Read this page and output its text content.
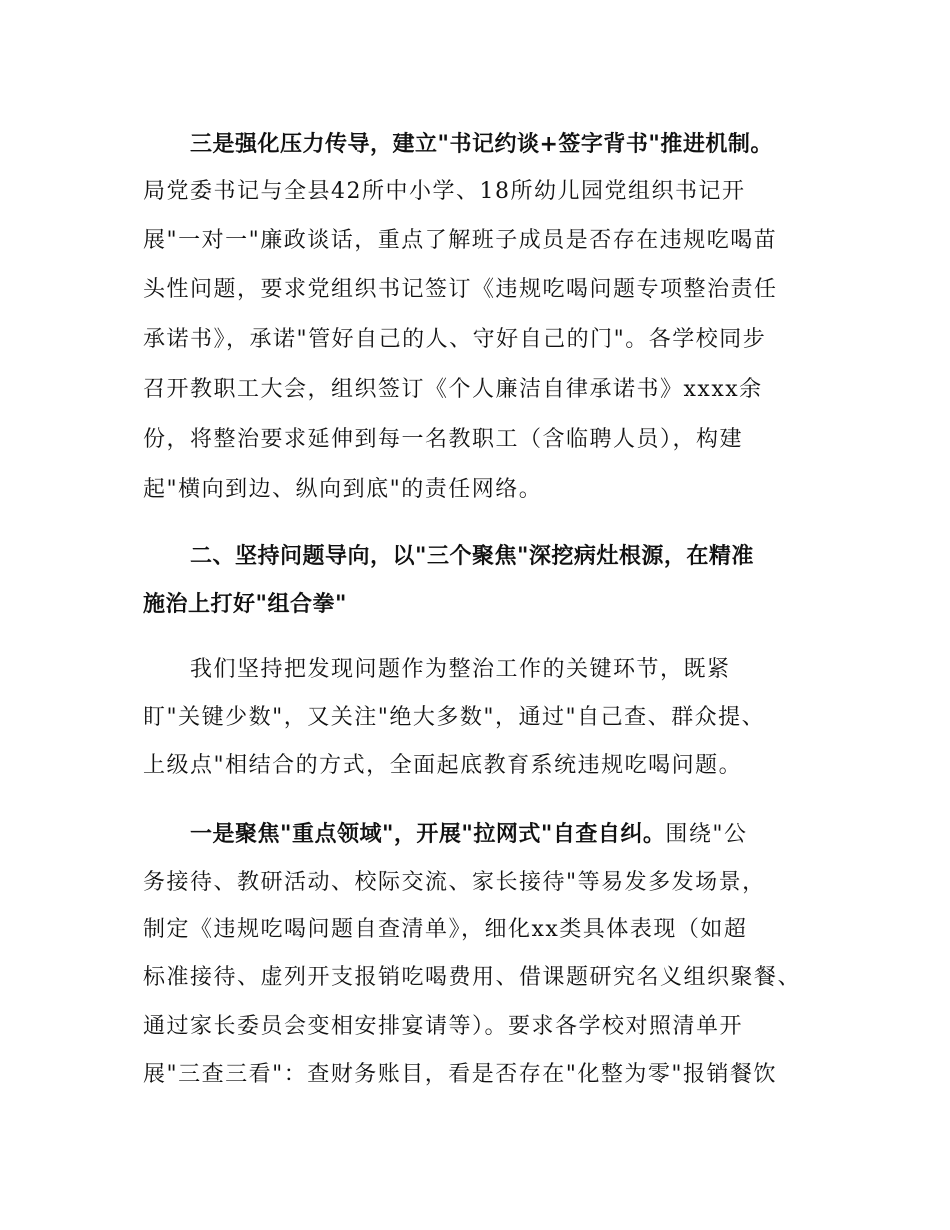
三是强化压力传导，建立"书记约谈+签字背书"推进机制。
局党委书记与全县42所中小学、18所幼儿园党组织书记开
展"一对一"廉政谈话，重点了解班子成员是否存在违规吃喝苗
头性问题，要求党组织书记签订《违规吃喝问题专项整治责任
承诺书》，承诺"管好自己的人、守好自己的门"。各学校同步
召开教职工大会，组织签订《个人廉洁自律承诺书》xxxx余
份，将整治要求延伸到每一名教职工（含临聘人员），构建
起"横向到边、纵向到底"的责任网络。
二、坚持问题导向，以"三个聚焦"深挖病灶根源，在精准
施治上打好"组合拳"
我们坚持把发现问题作为整治工作的关键环节，既紧
盯"关键少数"，又关注"绝大多数"，通过"自己查、群众提、
上级点"相结合的方式，全面起底教育系统违规吃喝问题。
一是聚焦"重点领域"，开展"拉网式"自查自纠。围绕"公
务接待、教研活动、校际交流、家长接待"等易发多发场景，
制定《违规吃喝问题自查清单》，细化xx类具体表现（如超
标准接待、虚列开支报销吃喝费用、借课题研究名义组织聚餐、
通过家长委员会变相安排宴请等）。要求各学校对照清单开
展"三查三看"：查财务账目，看是否存在"化整为零"报销餐饮
